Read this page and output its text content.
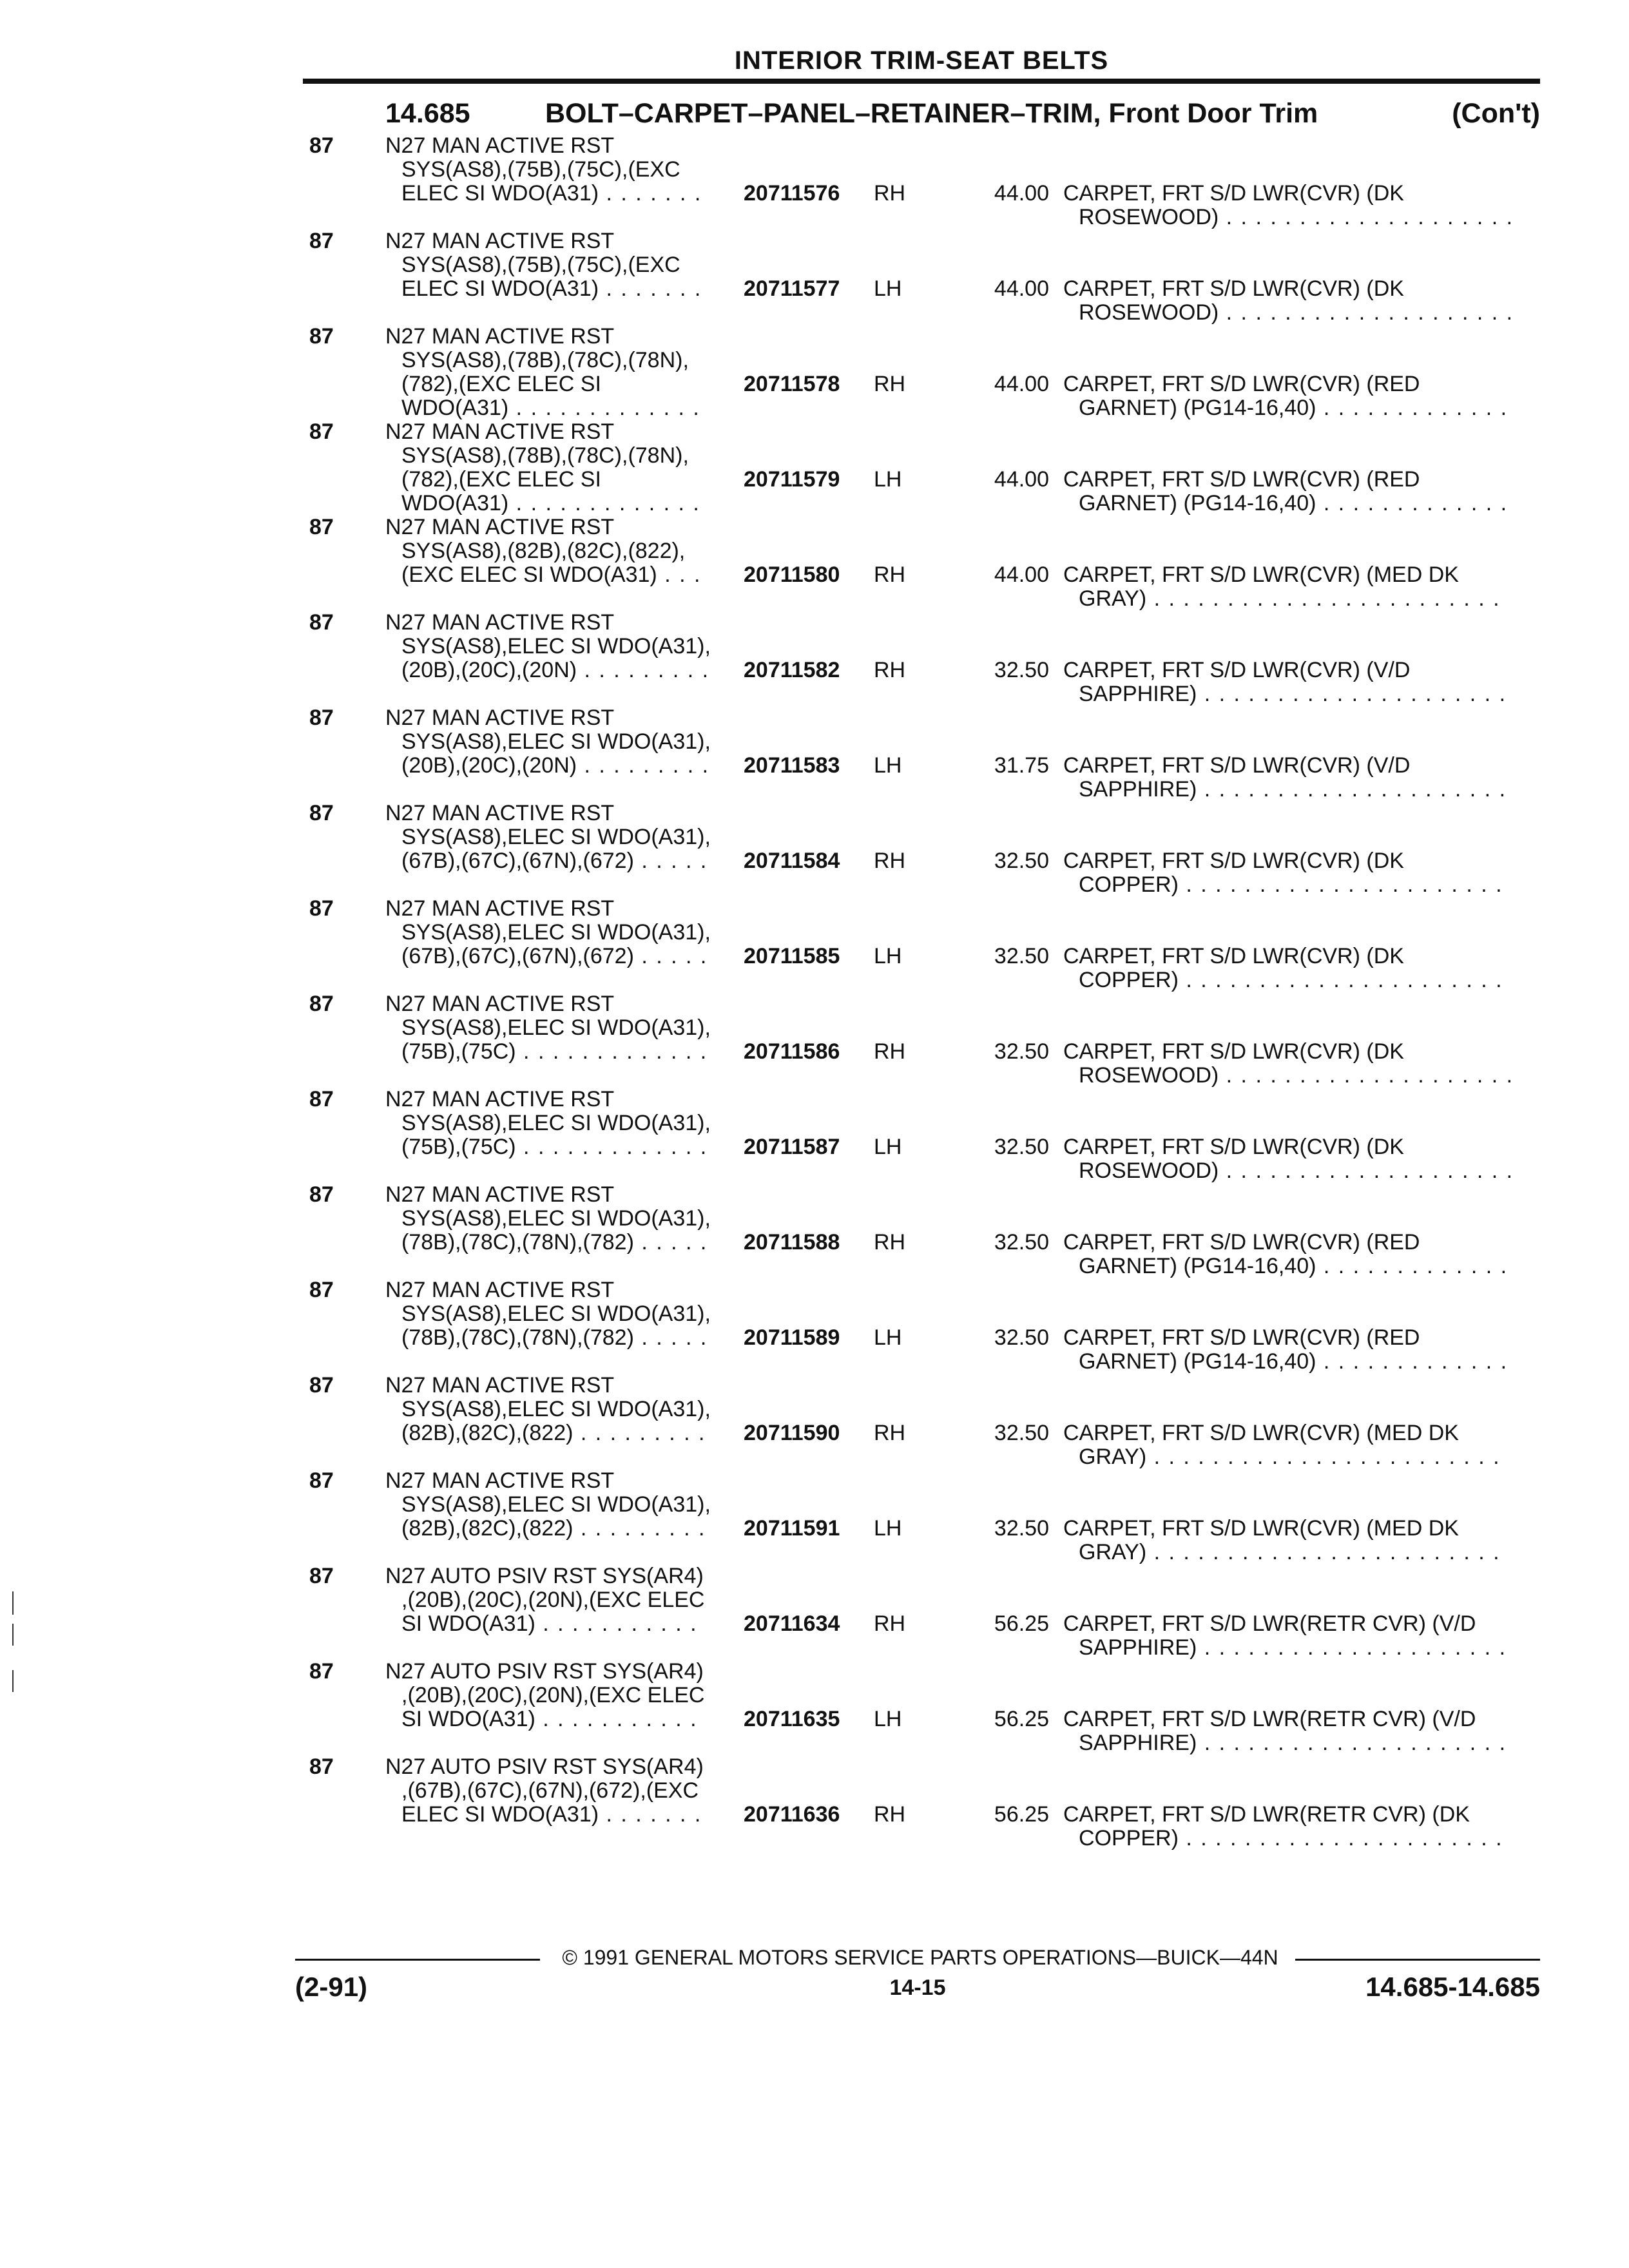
INTERIOR TRIM-SEAT BELTS
14.685	BOLT–CARPET–PANEL–RETAINER–TRIM, Front Door Trim	(Con't)
87 N27 MAN ACTIVE RST
SYS(AS8),(75B),(75C),(EXC
ELEC SI WDO(A31) . . . . . . .	20711576 RH	44.00 CARPET, FRT S/D LWR(CVR) (DK
ROSEWOOD) . . . . . . . . . . . . . . . . . . . .
87 N27 MAN ACTIVE RST
SYS(AS8),(75B),(75C),(EXC
ELEC SI WDO(A31) . . . . . . .	20711577 LH	44.00 CARPET, FRT S/D LWR(CVR) (DK
ROSEWOOD) . . . . . . . . . . . . . . . . . . . .
87 N27 MAN ACTIVE RST
SYS(AS8),(78B),(78C),(78N),
(782),(EXC ELEC SI
WDO(A31) . . . . . . . . . . . . .
20711578 RH	44.00 CARPET, FRT S/D LWR(CVR) (RED
GARNET) (PG14-16,40) . . . . . . . . . . . . .
87 N27 MAN ACTIVE RST
SYS(AS8),(78B),(78C),(78N),
(782),(EXC ELEC SI
WDO(A31) . . . . . . . . . . . . .
20711579 LH	44.00 CARPET, FRT S/D LWR(CVR) (RED
GARNET) (PG14-16,40) . . . . . . . . . . . . .
87 N27 MAN ACTIVE RST
SYS(AS8),(82B),(82C),(822),
(EXC ELEC SI WDO(A31) . . .	20711580 RH	44.00 CARPET, FRT S/D LWR(CVR) (MED DK
GRAY) . . . . . . . . . . . . . . . . . . . . . . . .
87 N27 MAN ACTIVE RST
SYS(AS8),ELEC SI WDO(A31),
(20B),(20C),(20N) . . . . . . . . .	20711582 RH	32.50 CARPET, FRT S/D LWR(CVR) (V/D
SAPPHIRE) . . . . . . . . . . . . . . . . . . . . .
87 N27 MAN ACTIVE RST
SYS(AS8),ELEC SI WDO(A31),
(20B),(20C),(20N) . . . . . . . . .	20711583 LH	31.75 CARPET, FRT S/D LWR(CVR) (V/D
SAPPHIRE) . . . . . . . . . . . . . . . . . . . . .
87 N27 MAN ACTIVE RST
SYS(AS8),ELEC SI WDO(A31),
(67B),(67C),(67N),(672) . . . . .	20711584 RH	32.50 CARPET, FRT S/D LWR(CVR) (DK
COPPER) . . . . . . . . . . . . . . . . . . . . . .
87 N27 MAN ACTIVE RST
SYS(AS8),ELEC SI WDO(A31),
(67B),(67C),(67N),(672) . . . . .	20711585 LH	32.50 CARPET, FRT S/D LWR(CVR) (DK
COPPER) . . . . . . . . . . . . . . . . . . . . . .
87 N27 MAN ACTIVE RST
SYS(AS8),ELEC SI WDO(A31),
(75B),(75C) . . . . . . . . . . . . .	20711586 RH	32.50 CARPET, FRT S/D LWR(CVR) (DK
ROSEWOOD) . . . . . . . . . . . . . . . . . . . .
87 N27 MAN ACTIVE RST
SYS(AS8),ELEC SI WDO(A31),
(75B),(75C) . . . . . . . . . . . . .	20711587 LH	32.50 CARPET, FRT S/D LWR(CVR) (DK
ROSEWOOD) . . . . . . . . . . . . . . . . . . . .
87 N27 MAN ACTIVE RST
SYS(AS8),ELEC SI WDO(A31),
(78B),(78C),(78N),(782) . . . . .	20711588 RH	32.50 CARPET, FRT S/D LWR(CVR) (RED
GARNET) (PG14-16,40) . . . . . . . . . . . . .
87 N27 MAN ACTIVE RST
SYS(AS8),ELEC SI WDO(A31),
(78B),(78C),(78N),(782) . . . . .	20711589 LH	32.50 CARPET, FRT S/D LWR(CVR) (RED
GARNET) (PG14-16,40) . . . . . . . . . . . . .
87 N27 MAN ACTIVE RST
SYS(AS8),ELEC SI WDO(A31),
(82B),(82C),(822) . . . . . . . . .	20711590 RH	32.50 CARPET, FRT S/D LWR(CVR) (MED DK
GRAY) . . . . . . . . . . . . . . . . . . . . . . . .
87 N27 MAN ACTIVE RST
SYS(AS8),ELEC SI WDO(A31),
(82B),(82C),(822) . . . . . . . . .	20711591 LH	32.50 CARPET, FRT S/D LWR(CVR) (MED DK
GRAY) . . . . . . . . . . . . . . . . . . . . . . . .
87 N27 AUTO PSIV RST SYS(AR4)
,(20B),(20C),(20N),(EXC ELEC
SI WDO(A31) . . . . . . . . . . .	20711634 RH	56.25 CARPET, FRT S/D LWR(RETR CVR) (V/D
SAPPHIRE) . . . . . . . . . . . . . . . . . . . . .
87 N27 AUTO PSIV RST SYS(AR4)
,(20B),(20C),(20N),(EXC ELEC
SI WDO(A31) . . . . . . . . . . .	20711635 LH	56.25 CARPET, FRT S/D LWR(RETR CVR) (V/D
SAPPHIRE) . . . . . . . . . . . . . . . . . . . . .
87 N27 AUTO PSIV RST SYS(AR4)
,(67B),(67C),(67N),(672),(EXC
ELEC SI WDO(A31) . . . . . . .	20711636 RH	56.25 CARPET, FRT S/D LWR(RETR CVR) (DK
COPPER) . . . . . . . . . . . . . . . . . . . . . .
© 1991 GENERAL MOTORS SERVICE PARTS OPERATIONS—BUICK—44N
(2-91)	14-15	14.685-14.685
